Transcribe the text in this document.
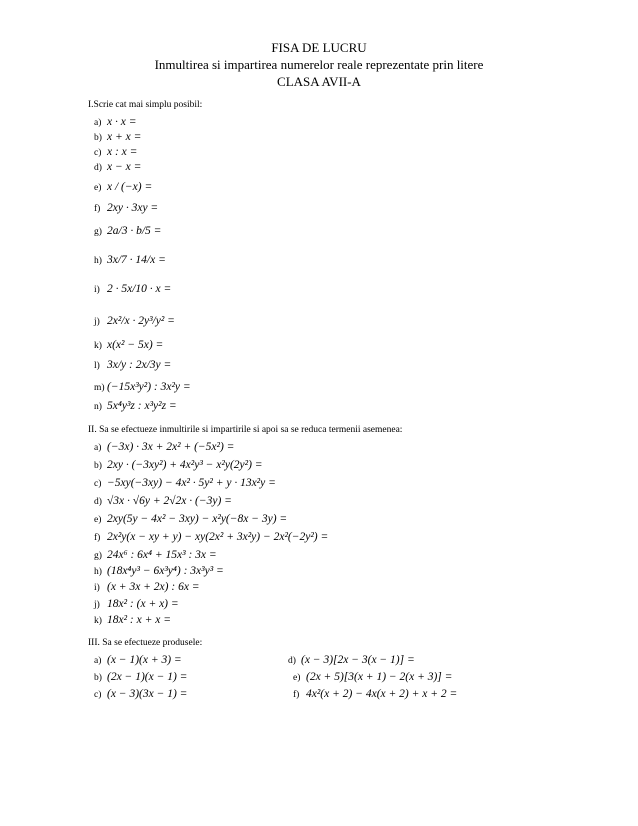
FISA DE LUCRU
Inmultirea si impartirea numerelor reale reprezentate prin litere
CLASA AVII-A
I.Scrie cat mai simplu posibil:
a) x · x =
b) x + x =
c) x : x =
d) x − x =
e) x / (−x) =
f) 2xy · 3xy =
g) 2a/3 · b/5 =
h) 3x/7 · 14/x =
i) 2 · 5x/10 · x =
j) 2x²/x · 2y³/y² =
k) x(x² − 5x) =
l) 3x/y : 2x/3y =
m) (−15x³y²) : 3x²y =
n) 5x⁴y³z : x³y²z =
II. Sa se efectueze inmultirile si impartirile si apoi sa se reduca termenii asemenea:
a) (−3x) · 3x + 2x² + (−5x²) =
b) 2xy · (−3xy²) + 4x²y³ − x²y(2y²) =
c) −5xy(−3xy) − 4x² · 5y² + y · 13x²y =
d) √3x · √6y + 2√2x · (−3y) =
e) 2xy(5y − 4x² − 3xy) − x²y(−8x − 3y) =
f) 2x²y(x − xy + y) − xy(2x² + 3x²y) − 2x²(−2y²) =
g) 24x⁶ : 6x⁴ + 15x³ : 3x =
h) (18x⁴y³ − 6x³y⁴) : 3x³y³ =
i) (x + 3x + 2x) : 6x =
j) 18x² : (x + x) =
k) 18x² : x + x =
III. Sa se efectueze produsele:
a) (x − 1)(x + 3) =
b) (2x − 1)(x − 1) =
c) (x − 3)(3x − 1) =
d) (x − 3)[2x − 3(x − 1)] =
e) (2x + 5)[3(x + 1) − 2(x + 3)] =
f) 4x²(x + 2) − 4x(x + 2) + x + 2 =
